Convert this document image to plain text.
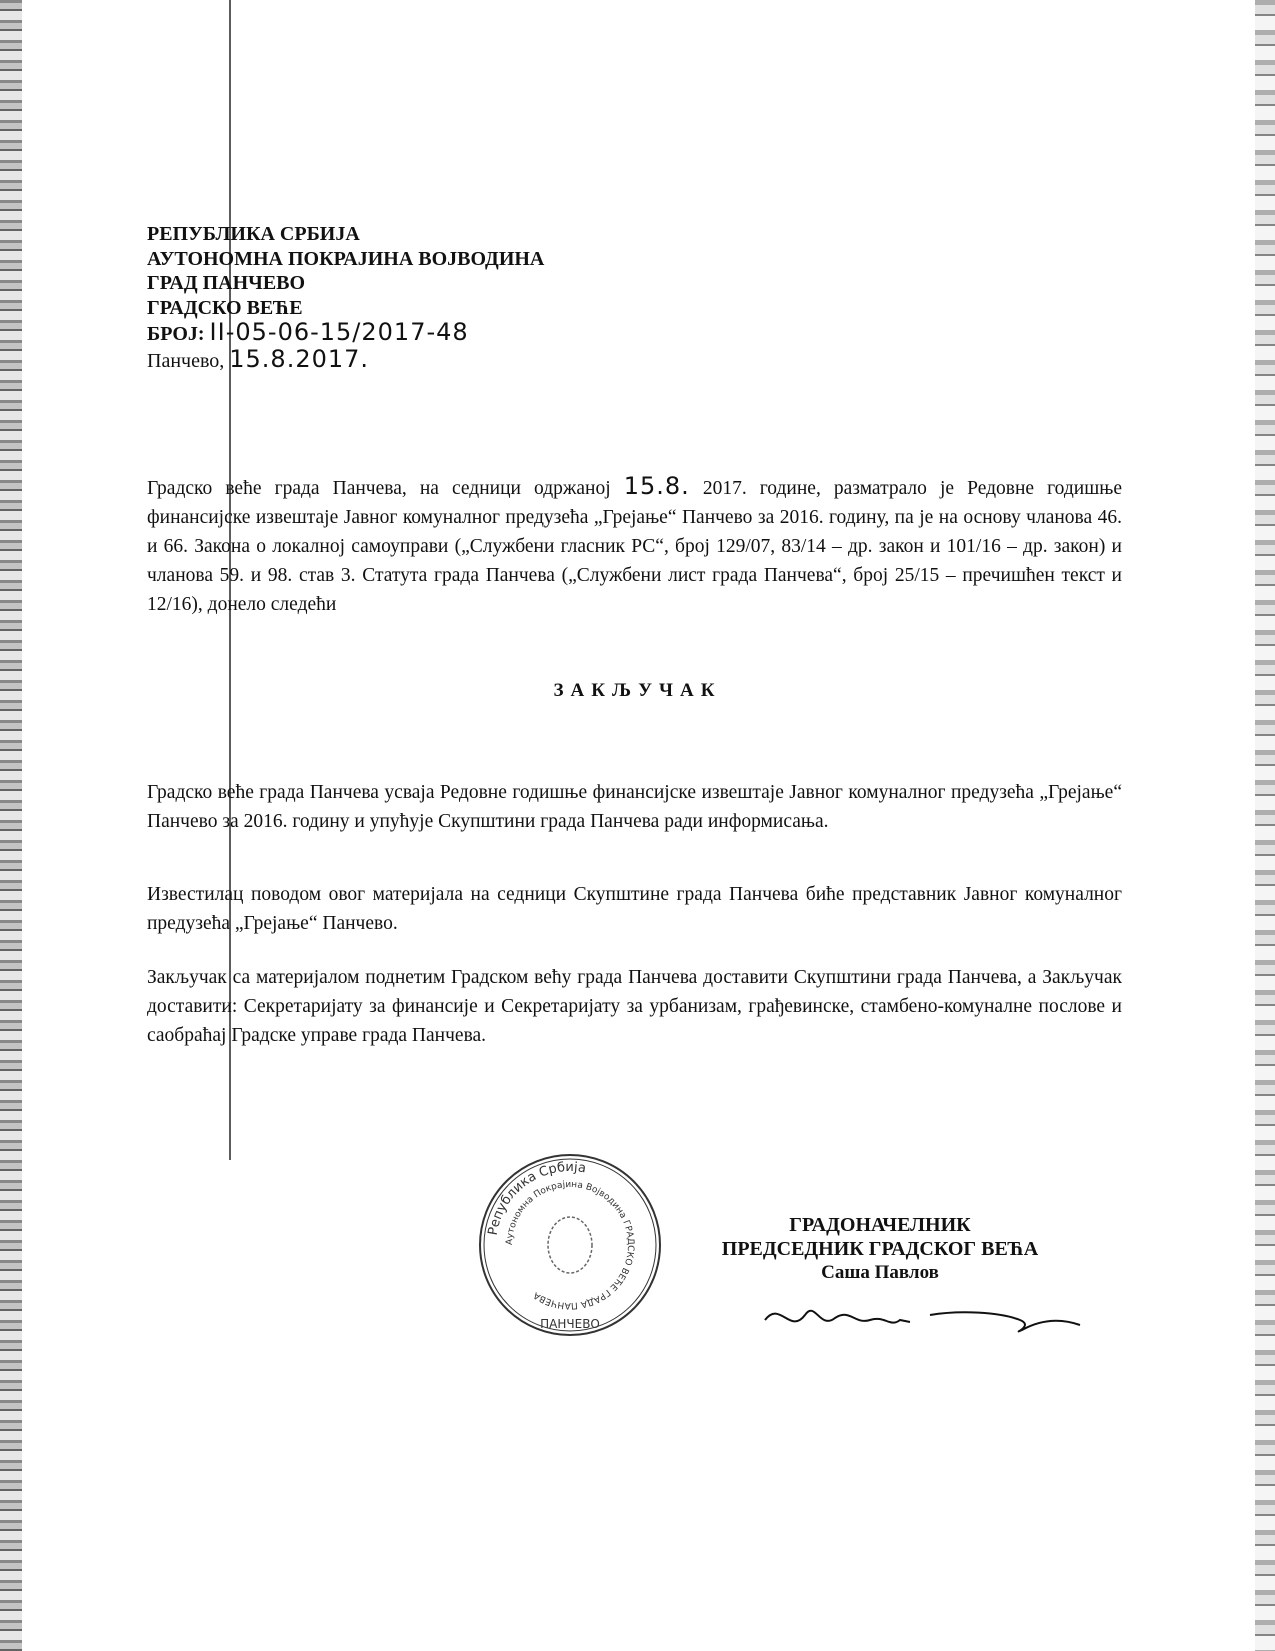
РЕПУБЛИКА СРБИЈА
АУТОНОМНА ПОКРАЈИНА ВОЈВОДИНА
ГРАД ПАНЧЕВО
ГРАДСКО ВЕЋЕ
БРОЈ: II-05-06-15/2017-48
Панчево, 15.8.2017.
Градско веће града Панчева, на седници одржаној 15.8. 2017. године, разматрало је Редовне годишње финансијске извештаје Јавног комуналног предузећа „Грејање“ Панчево за 2016. годину, па је на основу чланова 46. и 66. Закона о локалној самоуправи („Службени гласник РС“, број 129/07, 83/14 – др. закон и 101/16 – др. закон) и чланова 59. и 98. став 3. Статута града Панчева („Службени лист града Панчева“, број 25/15 – пречишћен текст и 12/16), донело следећи
ЗАКЉУЧАК
Градско веће града Панчева усваја Редовне годишње финансијске извештаје Јавног комуналног предузећа „Грејање“ Панчево за 2016. годину и упућује Скупштини града Панчева ради информисања.
Известилац поводом овог материјала на седници Скупштине града Панчева биће представник Јавног комуналног предузећа „Грејање“ Панчево.
Закључак са материјалом поднетим Градском већу града Панчева доставити Скупштини града Панчева, а Закључак доставити: Секретаријату за финансије и Секретаријату за урбанизам, грађевинске, стамбено-комуналне послове и саобраћај Градске управе града Панчева.
Република Србија
Аутономна Покрајина Војводина ГРАДСКО ВЕЋЕ ГРАДА ПАНЧЕВА
ПАНЧЕВО
ГРАДОНАЧЕЛНИК
ПРЕДСЕДНИК ГРАДСКОГ ВЕЋА
Саша Павлов
